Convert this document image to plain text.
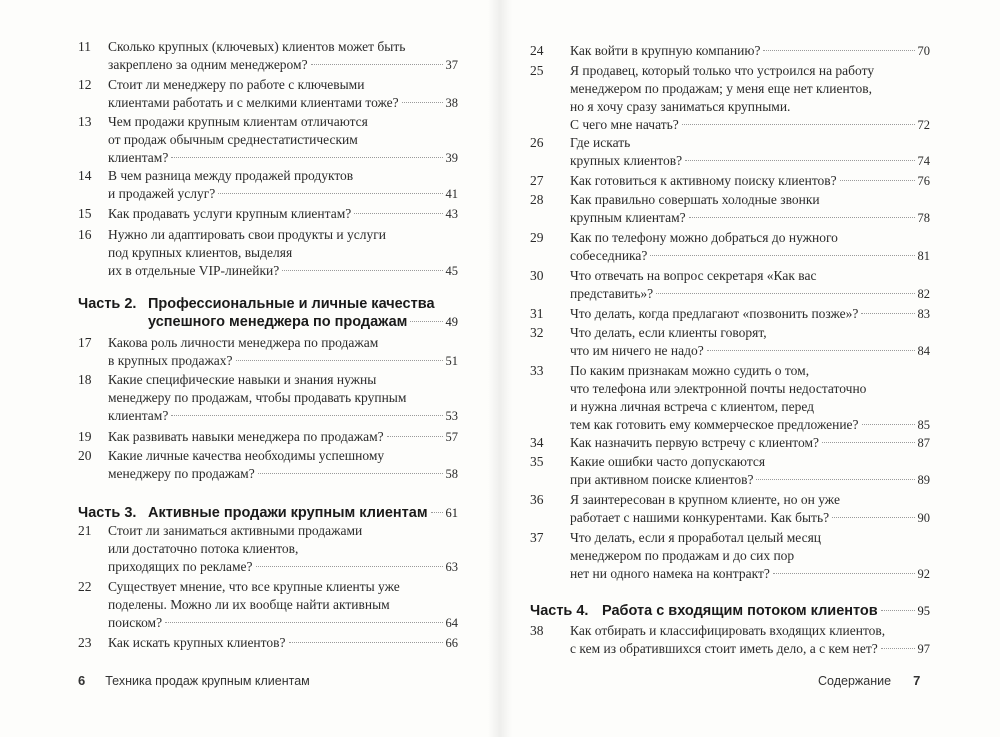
11 Сколько крупных (ключевых) клиентов может быть
закреплено за одним менеджером?	37
12 Стоит ли менеджеру по работе с ключевыми
клиентами работать и с мелкими клиентами тоже?	38
13 Чем продажи крупным клиентам отличаются
от продаж обычным среднестатистическим
клиентам?	39
14 В чем разница между продажей продуктов
и продажей услуг?	41
15 Как продавать услуги крупным клиентам?	43
16 Нужно ли адаптировать свои продукты и услуги
под крупных клиентов, выделяя
их в отдельные VIP-линейки?	45
Часть 2. Профессиональные и личные качества
успешного менеджера по продажам	49
17 Какова роль личности менеджера по продажам
в крупных продажах?	51
18 Какие специфические навыки и знания нужны
менеджеру по продажам, чтобы продавать крупным
клиентам?	53
19 Как развивать навыки менеджера по продажам?	57
20 Какие личные качества необходимы успешному
менеджеру по продажам?	58
Часть 3. Активные продажи крупным клиентам 61
21 Стоит ли заниматься активными продажами
или достаточно потока клиентов,
приходящих по рекламе?	63
22 Существует мнение, что все крупные клиенты уже
поделены. Можно ли их вообще найти активным
поиском?	64
23 Как искать крупных клиентов?	66
6 Техника продаж крупным клиентам
24 Как войти в крупную компанию?	70
25 Я продавец, который только что устроился на работу
менеджером по продажам; у меня еще нет клиентов,
но я хочу сразу заниматься крупными.
С чего мне начать?	72
26 Где искать
крупных клиентов?	74
27 Как готовиться к активному поиску клиентов?	76
28 Как правильно совершать холодные звонки
крупным клиентам?	78
29 Как по телефону можно добраться до нужного
собеседника?	81
30 Что отвечать на вопрос секретаря «Как вас
представить»?	82
31 Что делать, когда предлагают «позвонить позже»?	83
32 Что делать, если клиенты говорят,
что им ничего не надо?	84
33 По каким признакам можно судить о том,
что телефона или электронной почты недостаточно
и нужна личная встреча с клиентом, перед
тем как готовить ему коммерческое предложение?	85
34 Как назначить первую встречу с клиентом?	87
35 Какие ошибки часто допускаются
при активном поиске клиентов?	89
36 Я заинтересован в крупном клиенте, но он уже
работает с нашими конкурентами. Как быть?	90
37 Что делать, если я проработал целый месяц
менеджером по продажам и до сих пор
нет ни одного намека на контракт?	92
Часть 4. Работа с входящим потоком клиентов	95
38 Как отбирать и классифицировать входящих клиентов,
с кем из обратившихся стоит иметь дело, а с кем нет?	97
Содержание 7
